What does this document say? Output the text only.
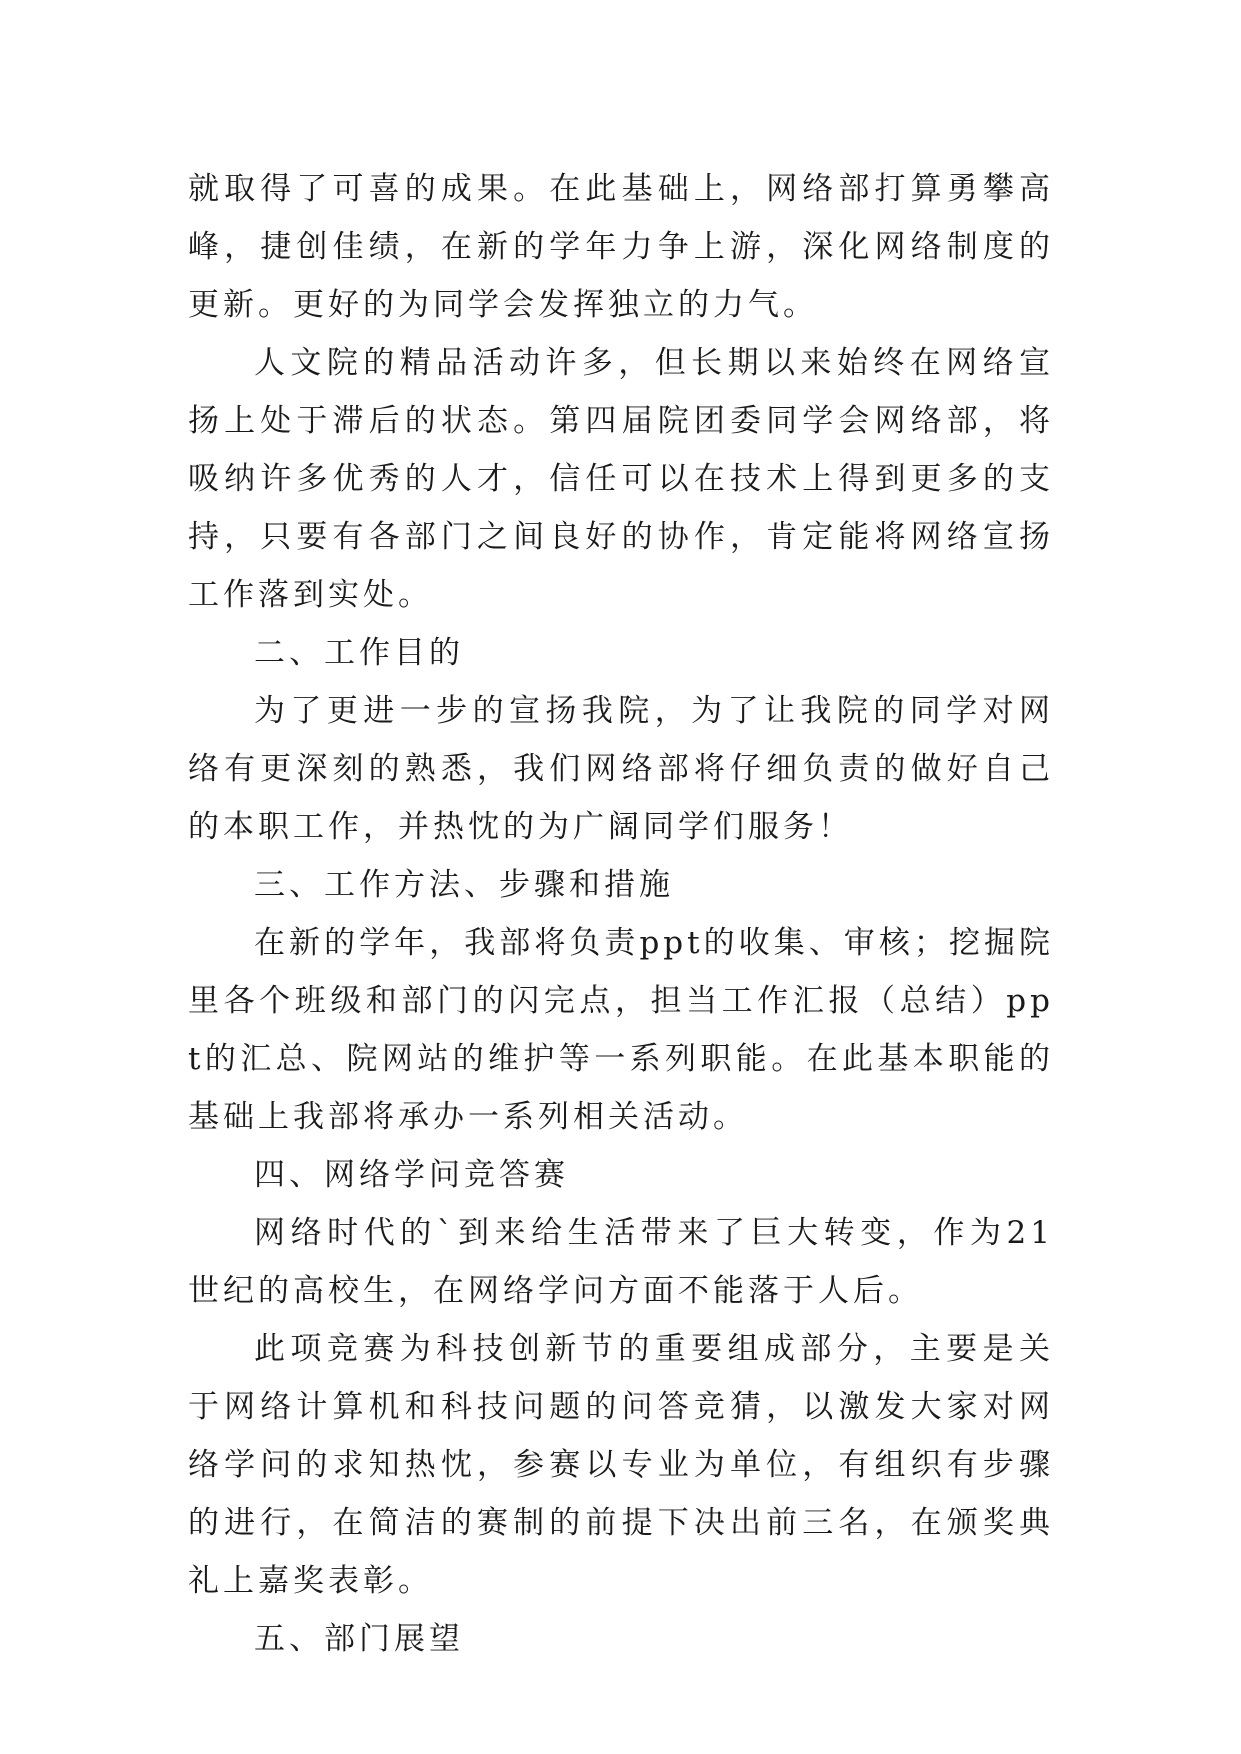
就取得了可喜的成果。在此基础上，网络部打算勇攀高峰，捷创佳绩，在新的学年力争上游，深化网络制度的更新。更好的为同学会发挥独立的力气。

人文院的精品活动许多，但长期以来始终在网络宣扬上处于滞后的状态。第四届院团委同学会网络部，将吸纳许多优秀的人才，信任可以在技术上得到更多的支持，只要有各部门之间良好的协作，肯定能将网络宣扬工作落到实处。

二、工作目的

为了更进一步的宣扬我院，为了让我院的同学对网络有更深刻的熟悉，我们网络部将仔细负责的做好自己的本职工作，并热忱的为广阔同学们服务！

三、工作方法、步骤和措施

在新的学年，我部将负责ppt的收集、审核；挖掘院里各个班级和部门的闪完点，担当工作汇报（总结）ppt的汇总、院网站的维护等一系列职能。在此基本职能的基础上我部将承办一系列相关活动。

四、网络学问竞答赛

网络时代的`到来给生活带来了巨大转变，作为21世纪的高校生，在网络学问方面不能落于人后。

此项竞赛为科技创新节的重要组成部分，主要是关于网络计算机和科技问题的问答竞猜，以激发大家对网络学问的求知热忱，参赛以专业为单位，有组织有步骤的进行，在简洁的赛制的前提下决出前三名，在颁奖典礼上嘉奖表彰。

五、部门展望
